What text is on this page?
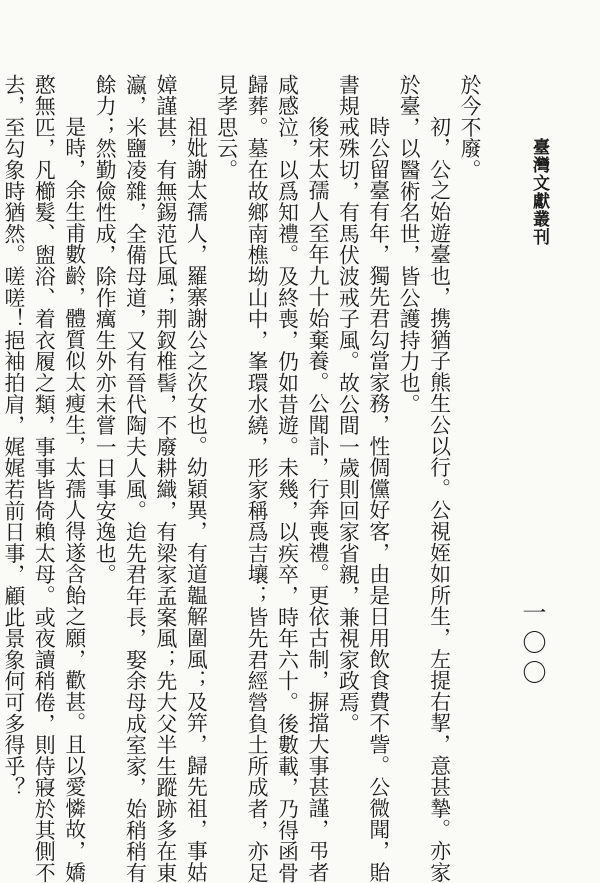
臺灣文獻叢刊
一〇〇
於今不廢。
初，公之始遊臺也，携猶子熊生公以行。公視姪如所生，左提右挈，意甚摯。亦家
於臺，以醫術名世，皆公護持力也。
時公留臺有年，獨先君勾當家務，性倜儻好客，由是日用飲食費不訾。公微聞，貽
書規戒殊切，有馬伏波戒子風。故公間一歲則回家省親，兼視家政焉。
後宋太孺人至年九十始棄養。公聞訃，行奔喪禮。更依古制，摒擋大事甚謹，弔者
咸感泣，以爲知禮。及終喪，仍如昔遊。未幾，以疾卒，時年六十。後數載，乃得函骨
歸葬。墓在故鄉南樵坳山中，峯環水繞，形家稱爲吉壤；皆先君經營負土所成者，亦足
見孝思云。
祖妣謝太孺人，羅寨謝公之次女也。幼穎異，有道韞解圍風；及笄，歸先祖，事姑
嫜謹甚，有無錫范氏風；荆釵椎髻，不廢耕織，有梁家孟案風；先大父半生蹤跡多在東
瀛，米鹽凌雜，全備母道，又有晉代陶夫人風。迨先君年長，娶余母成室家，始稍稍有
餘力；然勤儉性成，除作癘生外亦未嘗一日事安逸也。
是時，余生甫數齡，體質似太瘦生，太孺人得遂含飴之願，歡甚。且以愛憐故，嬌
憨無匹，凡櫛髮、盥浴、着衣履之類，事事皆倚賴太母。或夜讀稍倦，則侍寢於其側不
去，至勾象時猶然。嗟嗟！挹袖拍肩，娓娓若前日事，顧此景象何可多得乎？
